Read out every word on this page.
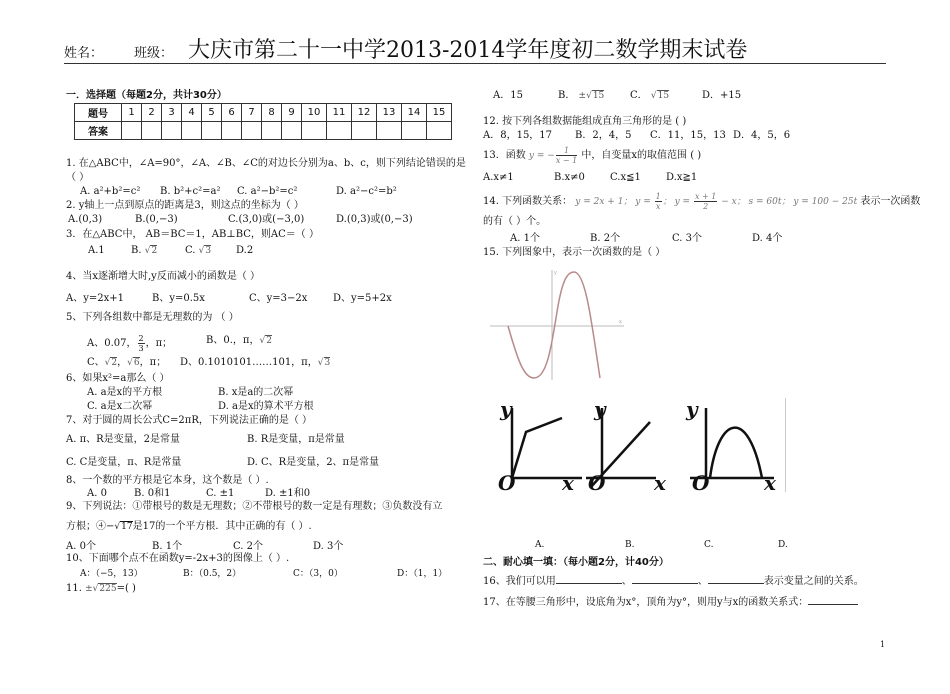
姓名： 班级： 大庆市第二十一中学2013-2014学年度初二数学期末试卷
一．选择题（每题2分，共计30分）
题号	1	2	3	4	5	6	7	8	9	10	11	12	13	14	15
答案															
1. 在△ABC中，∠A=90°，∠A、∠B、∠C的对边长分别为a、b、c，则下列结论错误的是
（ ）
A. a²+b²=c² B. b²+c²=a² C. a²−b²=c²	D. a²−c²=b²
2. y轴上一点到原点的距离是3，则这点的坐标为（ ）
A.(0,3)	B.(0,−3)	C.(3,0)或(−3,0)	D.(0,3)或(0,−3)
3．在△ABC中， AB＝BC＝1，AB⊥BC，则AC＝（ ）
A.1	B. √2	C. √3 D.2
4、当x逐渐增大时,y反而减小的函数是（ ）
A、y=2x+1	B、y=0.5x	C、y=3−2x	D、y=5+2x
5、下列各组数中都是无理数的为 （ ）
A、0.07， $\frac{2}{3}$ ，π；	B、0.，π，√2
C、√2，√6，π； D、0.1010101……101，π，√3
6、如果x²=a那么（ ）
A. a是x的平方根	B. x是a的二次幂
C. a是x二次幂	D. a是x的算术平方根
7、对于圆的周长公式C=2πR，下列说法正确的是（ ）
A. π、R是变量，2是常量	B. R是变量，π是常量
C. C是变量，π、R是常量	D. C、R是变量，2、π是常量
8、一个数的平方根是它本身，这个数是（ ）.
A. 0	B. 0和1	C. ±1	D. ±1和0
9、下列说法：①带根号的数是无理数；②不带根号的数一定是有理数；③负数没有立
方根；④−√17是17的一个平方根．其中正确的有（ ）.
A. 0个	B. 1个	C. 2个	D. 3个
10、下面哪个点不在函数y=-2x+3的图像上（ ）.
A：（−5，13）	B：（0.5，2）	C：（3，0）	D：（1，1）
11. ±√225=( )
A．15	B． ±√15	C． √15	D．+15
12. 按下列各组数据能组成直角三角形的是 ( )
A．8，15，17 B．2，4，5 C．11，15，13 D．4，5，6
13．函数 y = − $\frac{1}{x - 1}$ 中，自变量x的取值范围 ( )
A.x≠1	B.x≠0	C.x≦1	D.x≧1
14. 下列函数关系： y = 2x + 1； $y = \frac{1}{x}$ ； $y = \frac{x + 1}{2} - x$； s = 60t； y = 100 − 25t 表示一次函数
的有（ ）个。
A. 1个	B. 2个	C. 3个	D. 4个
15. 下列图象中，表示一次函数的是（ ）
x
y
y
O x
y
O x
y
O	x
A.	B.	C.	D.
二、耐心填一填：（每小题2分，计40分）
16、我们可以用	、	、	表示变量之间的关系。
17、在等腰三角形中，设底角为x°，顶角为y°，则用y与x的函数关系式：
1
